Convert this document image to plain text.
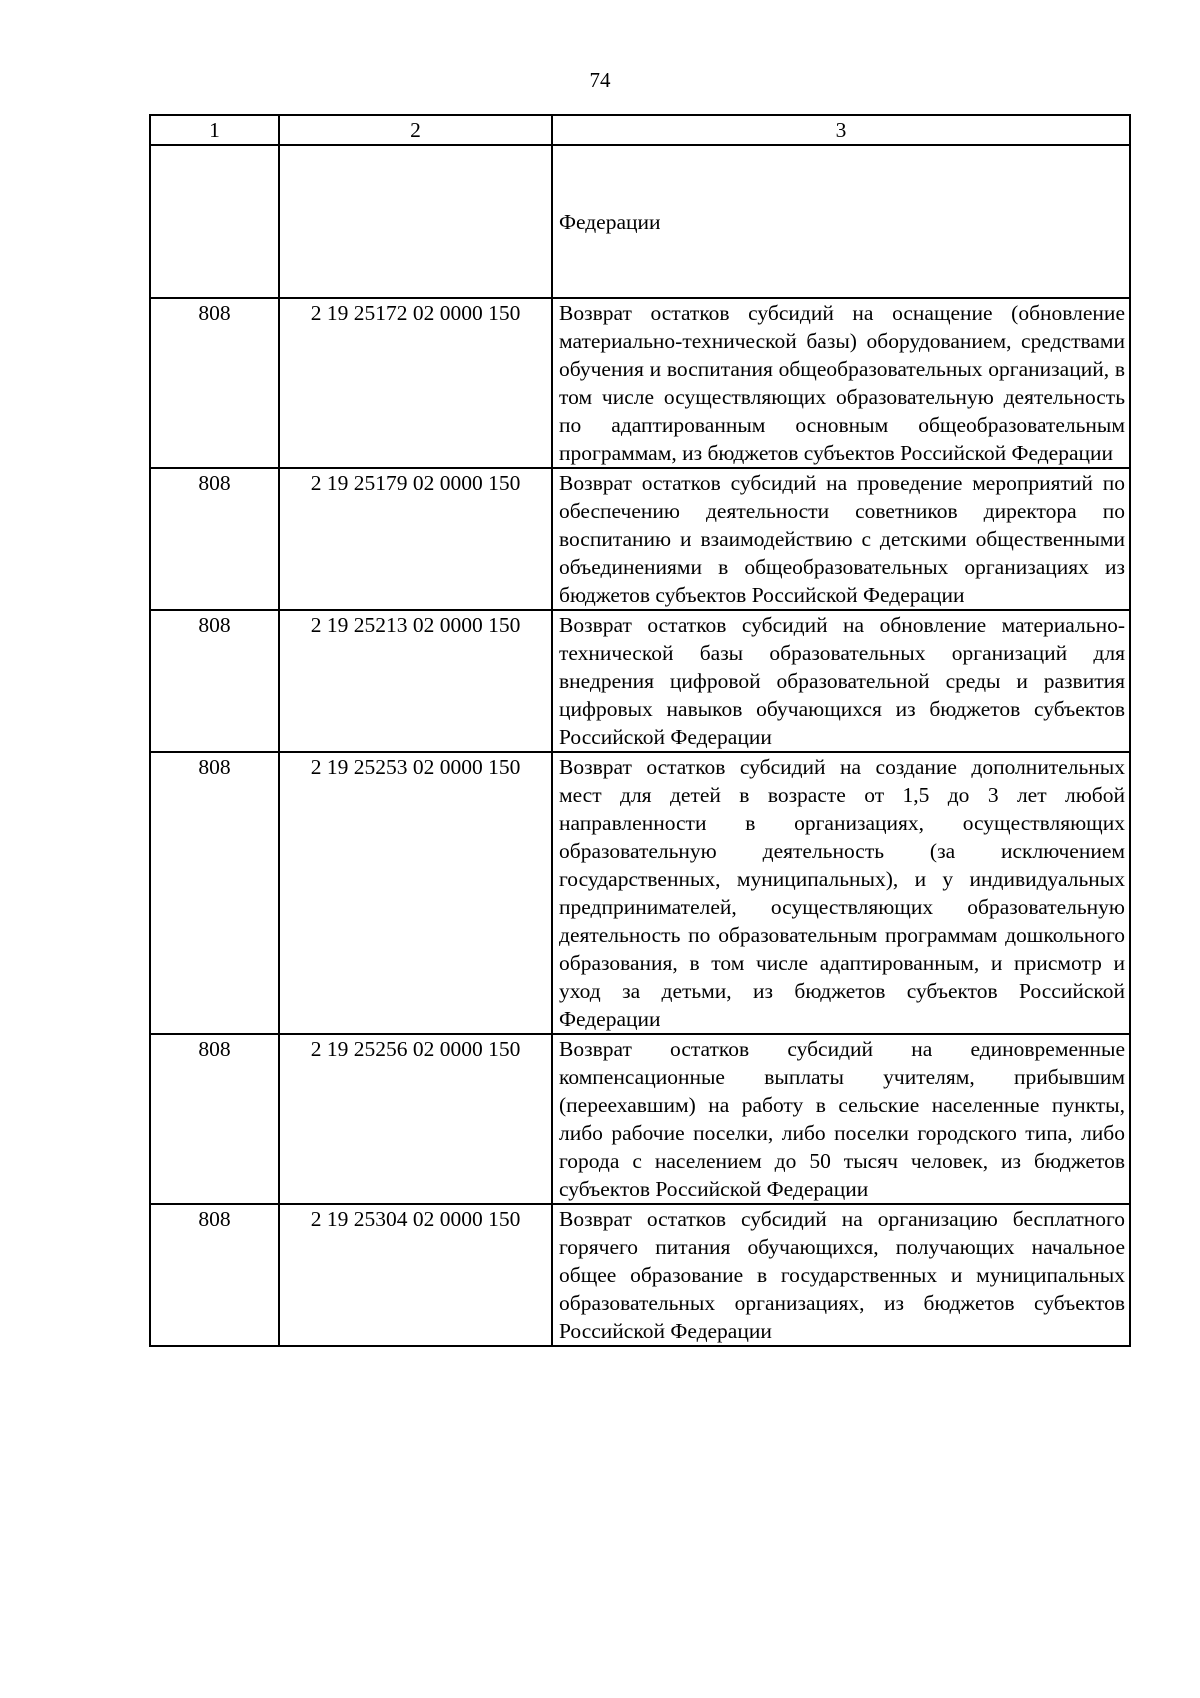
74
1	2	3
		Федерации
808	2 19 25172 02 0000 150	Возврат остатков субсидий на оснащение (обновление материально-технической базы) оборудованием, средствами обучения и воспитания общеобразовательных организаций, в том числе осуществляющих образовательную деятельность по адаптированным основным общеобразовательным программам, из бюджетов субъектов Российской Федерации
808	2 19 25179 02 0000 150	Возврат остатков субсидий на проведение мероприятий по обеспечению деятельности советников директора по воспитанию и взаимодействию с детскими общественными объединениями в общеобразовательных организациях из бюджетов субъектов Российской Федерации
808	2 19 25213 02 0000 150	Возврат остатков субсидий на обновление материально-технической базы образовательных организаций для внедрения цифровой образовательной среды и развития цифровых навыков обучающихся из бюджетов субъектов Российской Федерации
808	2 19 25253 02 0000 150	Возврат остатков субсидий на создание дополнительных мест для детей в возрасте от 1,5 до 3 лет любой направленности в организациях, осуществляющих образовательную деятельность (за исключением государственных, муниципальных), и у индивидуальных предпринимателей, осуществляющих образовательную деятельность по образовательным программам дошкольного образования, в том числе адаптированным, и присмотр и уход за детьми, из бюджетов субъектов Российской Федерации
808	2 19 25256 02 0000 150	Возврат остатков субсидий на единовременные компенсационные выплаты учителям, прибывшим (переехавшим) на работу в сельские населенные пункты, либо рабочие поселки, либо поселки городского типа, либо города с населением до 50 тысяч человек, из бюджетов субъектов Российской Федерации
808	2 19 25304 02 0000 150	Возврат остатков субсидий на организацию бесплатного горячего питания обучающихся, получающих начальное общее образование в государственных и муниципальных образовательных организациях, из бюджетов субъектов Российской Федерации
